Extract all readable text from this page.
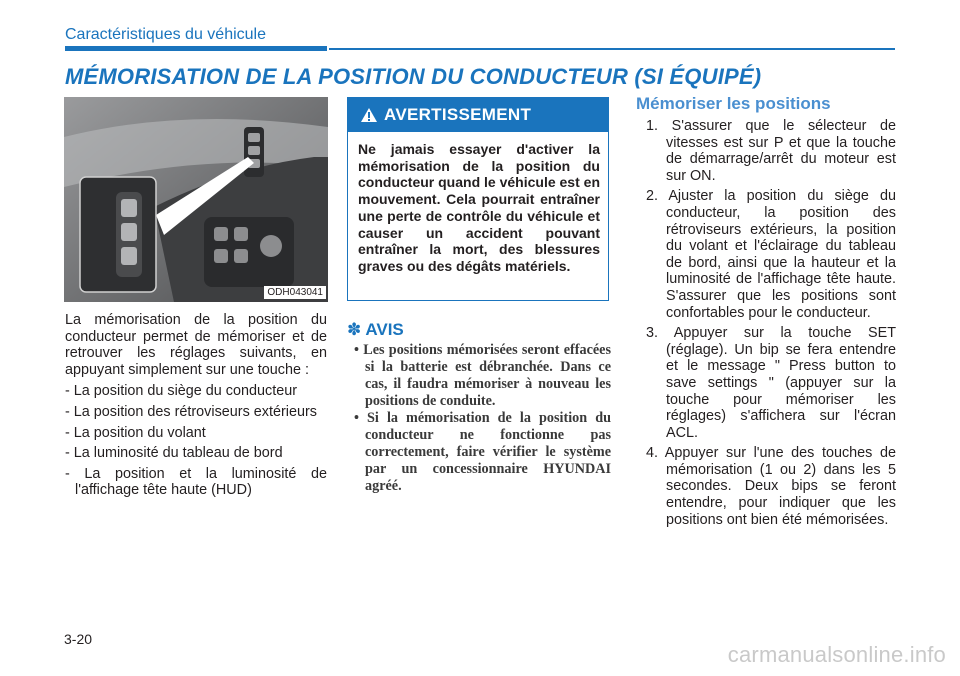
Caractéristiques du véhicule
MÉMORISATION DE LA POSITION DU CONDUCTEUR (SI ÉQUIPÉ)
ODH043041

La mémorisation de la position du conducteur permet de mémoriser et de retrouver les réglages suivants, en appuyant simplement sur une touche :

- La position du siège du conducteur
- La position des rétroviseurs extérieurs
- La position du volant
- La luminosité du tableau de bord
- La position et la luminosité de l'affichage tête haute (HUD)
AVERTISSEMENT
Ne jamais essayer d'activer la mémorisation de la position du conducteur quand le véhicule est en mouvement. Cela pourrait entraîner une perte de contrôle du véhicule et causer un accident pouvant entraîner la mort, des blessures graves ou des dégâts matériels.
✽ AVIS
• Les positions mémorisées seront effacées si la batterie est débranchée. Dans ce cas, il faudra mémoriser à nouveau les positions de conduite.
• Si la mémorisation de la position du conducteur ne fonctionne pas correctement, faire vérifier le système par un concessionnaire HYUNDAI agréé.
Mémoriser les positions
1. S'assurer que le sélecteur de vitesses est sur P et que la touche de démarrage/arrêt du moteur est sur ON.
2. Ajuster la position du siège du conducteur, la position des rétroviseurs extérieurs, la position du volant et l'éclairage du tableau de bord, ainsi que la hauteur et la luminosité de l'affichage tête haute. S'assurer que les positions sont confortables pour le conducteur.
3. Appuyer sur la touche SET (réglage). Un bip se fera entendre et le message " Press button to save settings " (appuyer sur la touche pour mémoriser les réglages) s'affichera sur l'écran ACL.
4. Appuyer sur l'une des touches de mémorisation (1 ou 2) dans les 5 secondes. Deux bips se feront entendre, pour indiquer que les positions ont bien été mémorisées.
3-20
carmanualsonline.info
